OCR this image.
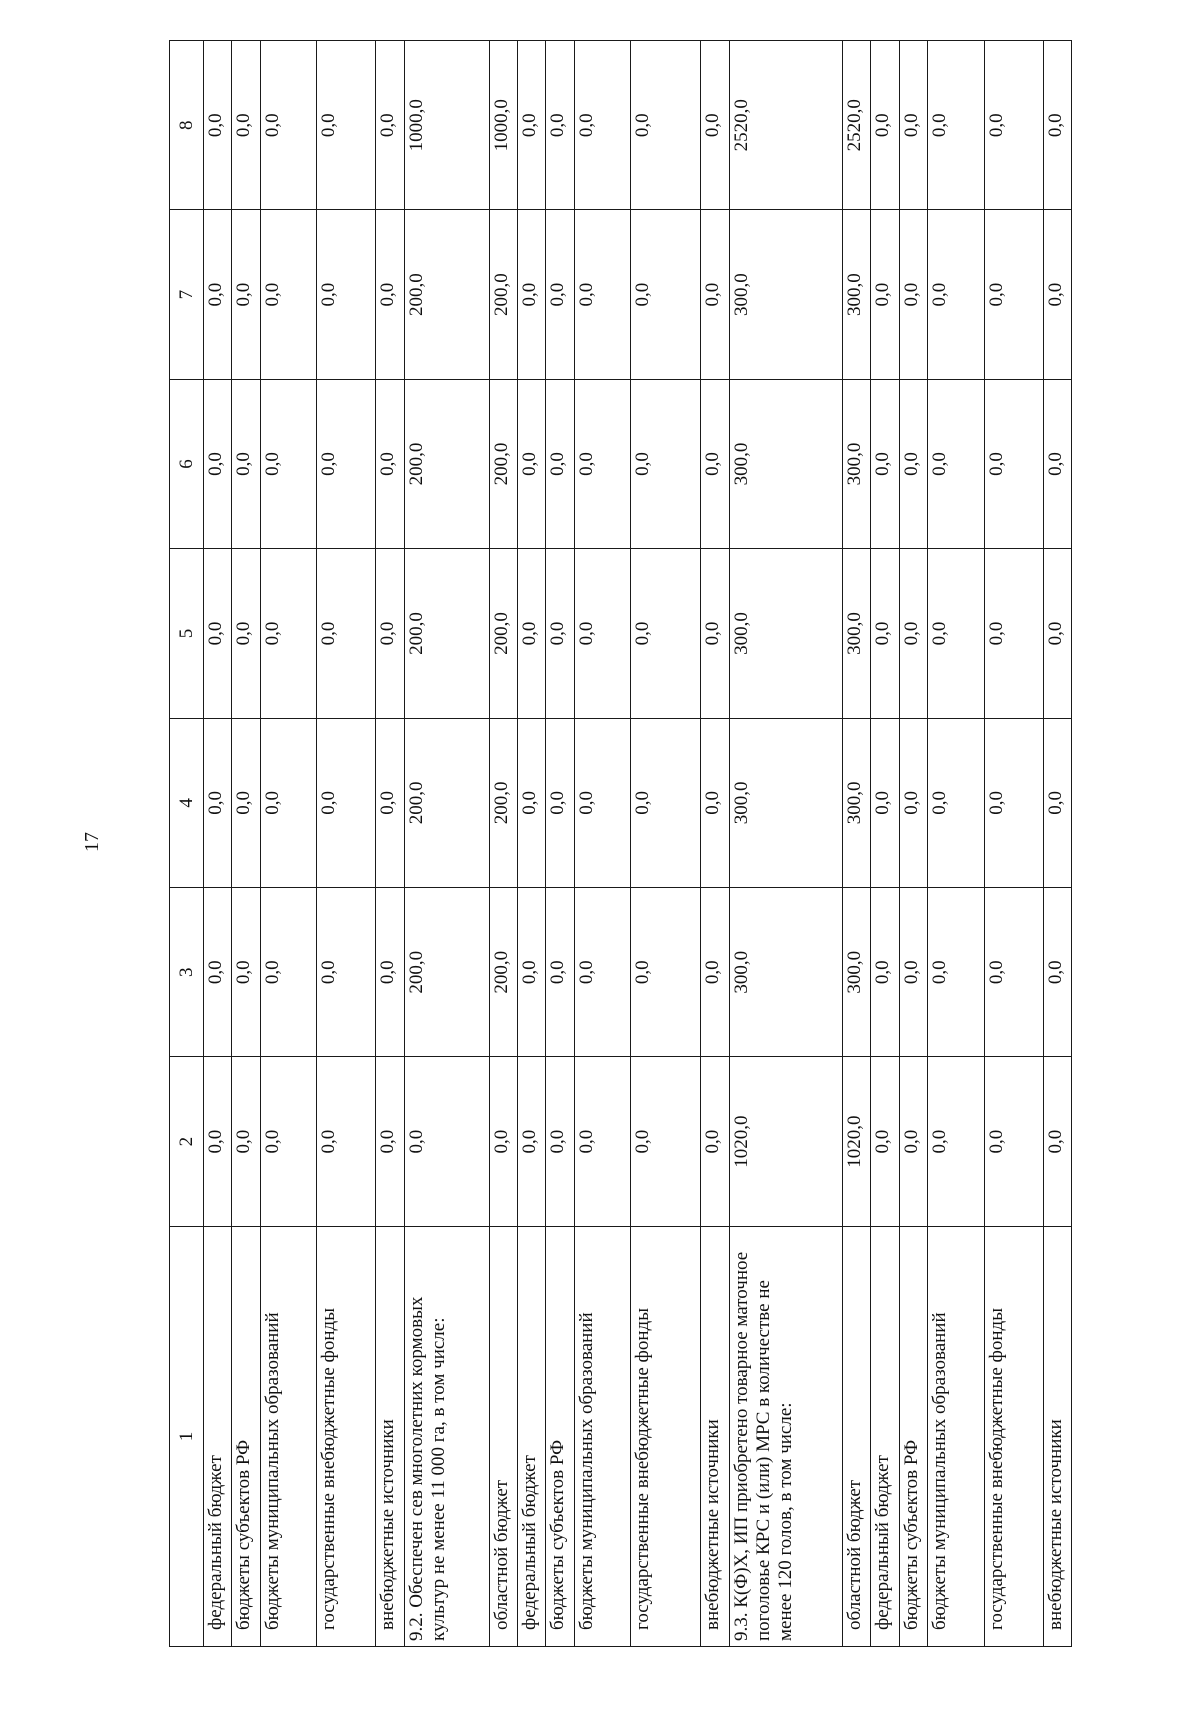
17
1	2	3	4	5	6	7	8
федеральный бюджет	0,0	0,0	0,0	0,0	0,0	0,0	0,0
бюджеты субъектов РФ	0,0	0,0	0,0	0,0	0,0	0,0	0,0
бюджеты муниципальных образований	0,0	0,0	0,0	0,0	0,0	0,0	0,0
государственные внебюджетные фонды	0,0	0,0	0,0	0,0	0,0	0,0	0,0
внебюджетные источники	0,0	0,0	0,0	0,0	0,0	0,0	0,0
9.2. Обеспечен сев многолетних кормовых культур не менее 11 000 га, в том числе:	0,0	200,0	200,0	200,0	200,0	200,0	1000,0
областной бюджет	0,0	200,0	200,0	200,0	200,0	200,0	1000,0
федеральный бюджет	0,0	0,0	0,0	0,0	0,0	0,0	0,0
бюджеты субъектов РФ	0,0	0,0	0,0	0,0	0,0	0,0	0,0
бюджеты муниципальных образований	0,0	0,0	0,0	0,0	0,0	0,0	0,0
государственные внебюджетные фонды	0,0	0,0	0,0	0,0	0,0	0,0	0,0
внебюджетные источники	0,0	0,0	0,0	0,0	0,0	0,0	0,0
9.3. К(Ф)Х, ИП приобретено товарное маточное поголовье КРС и (или) МРС в количестве не менее 120 голов, в том числе:	1020,0	300,0	300,0	300,0	300,0	300,0	2520,0
областной бюджет	1020,0	300,0	300,0	300,0	300,0	300,0	2520,0
федеральный бюджет	0,0	0,0	0,0	0,0	0,0	0,0	0,0
бюджеты субъектов РФ	0,0	0,0	0,0	0,0	0,0	0,0	0,0
бюджеты муниципальных образований	0,0	0,0	0,0	0,0	0,0	0,0	0,0
государственные внебюджетные фонды	0,0	0,0	0,0	0,0	0,0	0,0	0,0
внебюджетные источники	0,0	0,0	0,0	0,0	0,0	0,0	0,0
